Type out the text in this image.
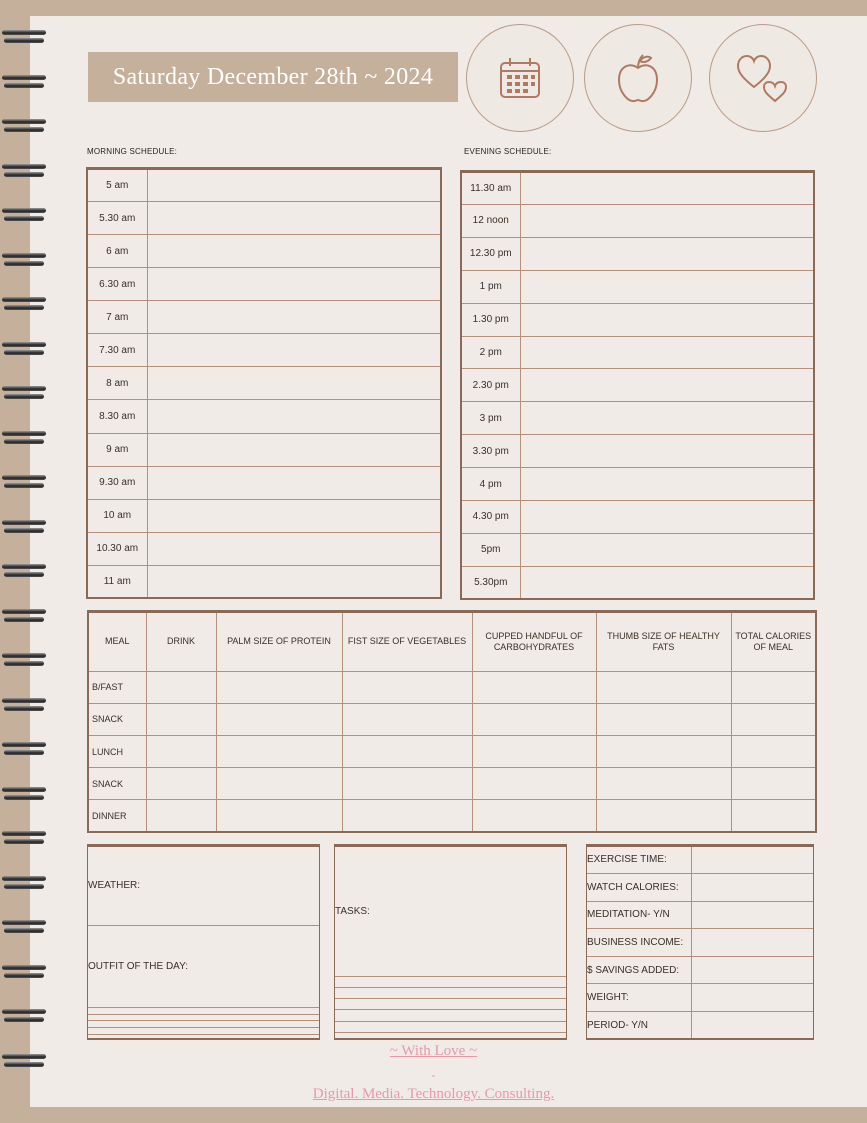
Saturday December 28th ~ 2024
MORNING SCHEDULE:	EVENING SCHEDULE:
5 am	
5.30 am	
6 am	
6.30 am	
7 am	
7.30 am	
8 am	
8.30 am	
9 am	
9.30 am	
10 am	
10.30 am	
11 am	
11.30 am	
12 noon	
12.30 pm	
1 pm	
1.30 pm	
2 pm	
2.30 pm	
3 pm	
3.30 pm	
4 pm	
4.30 pm	
5pm	
5.30pm	
MEAL	DRINK	PALM SIZE OF PROTEIN	FIST SIZE OF VEGETABLES	CUPPED HANDFUL OF CARBOHYDRATES	THUMB SIZE OF HEALTHY FATS	TOTAL CALORIES OF MEAL
B/FAST						
SNACK						
LUNCH						
SNACK						
DINNER						
WEATHER:
OUTFIT OF THE DAY:

TASKS:

EXERCISE TIME:	
WATCH CALORIES:	
MEDITATION- Y/N	
BUSINESS INCOME:	
$ SAVINGS ADDED:	
WEIGHT:	
PERIOD- Y/N	
~ With Love ~
-
Digital. Media. Technology. Consulting.
